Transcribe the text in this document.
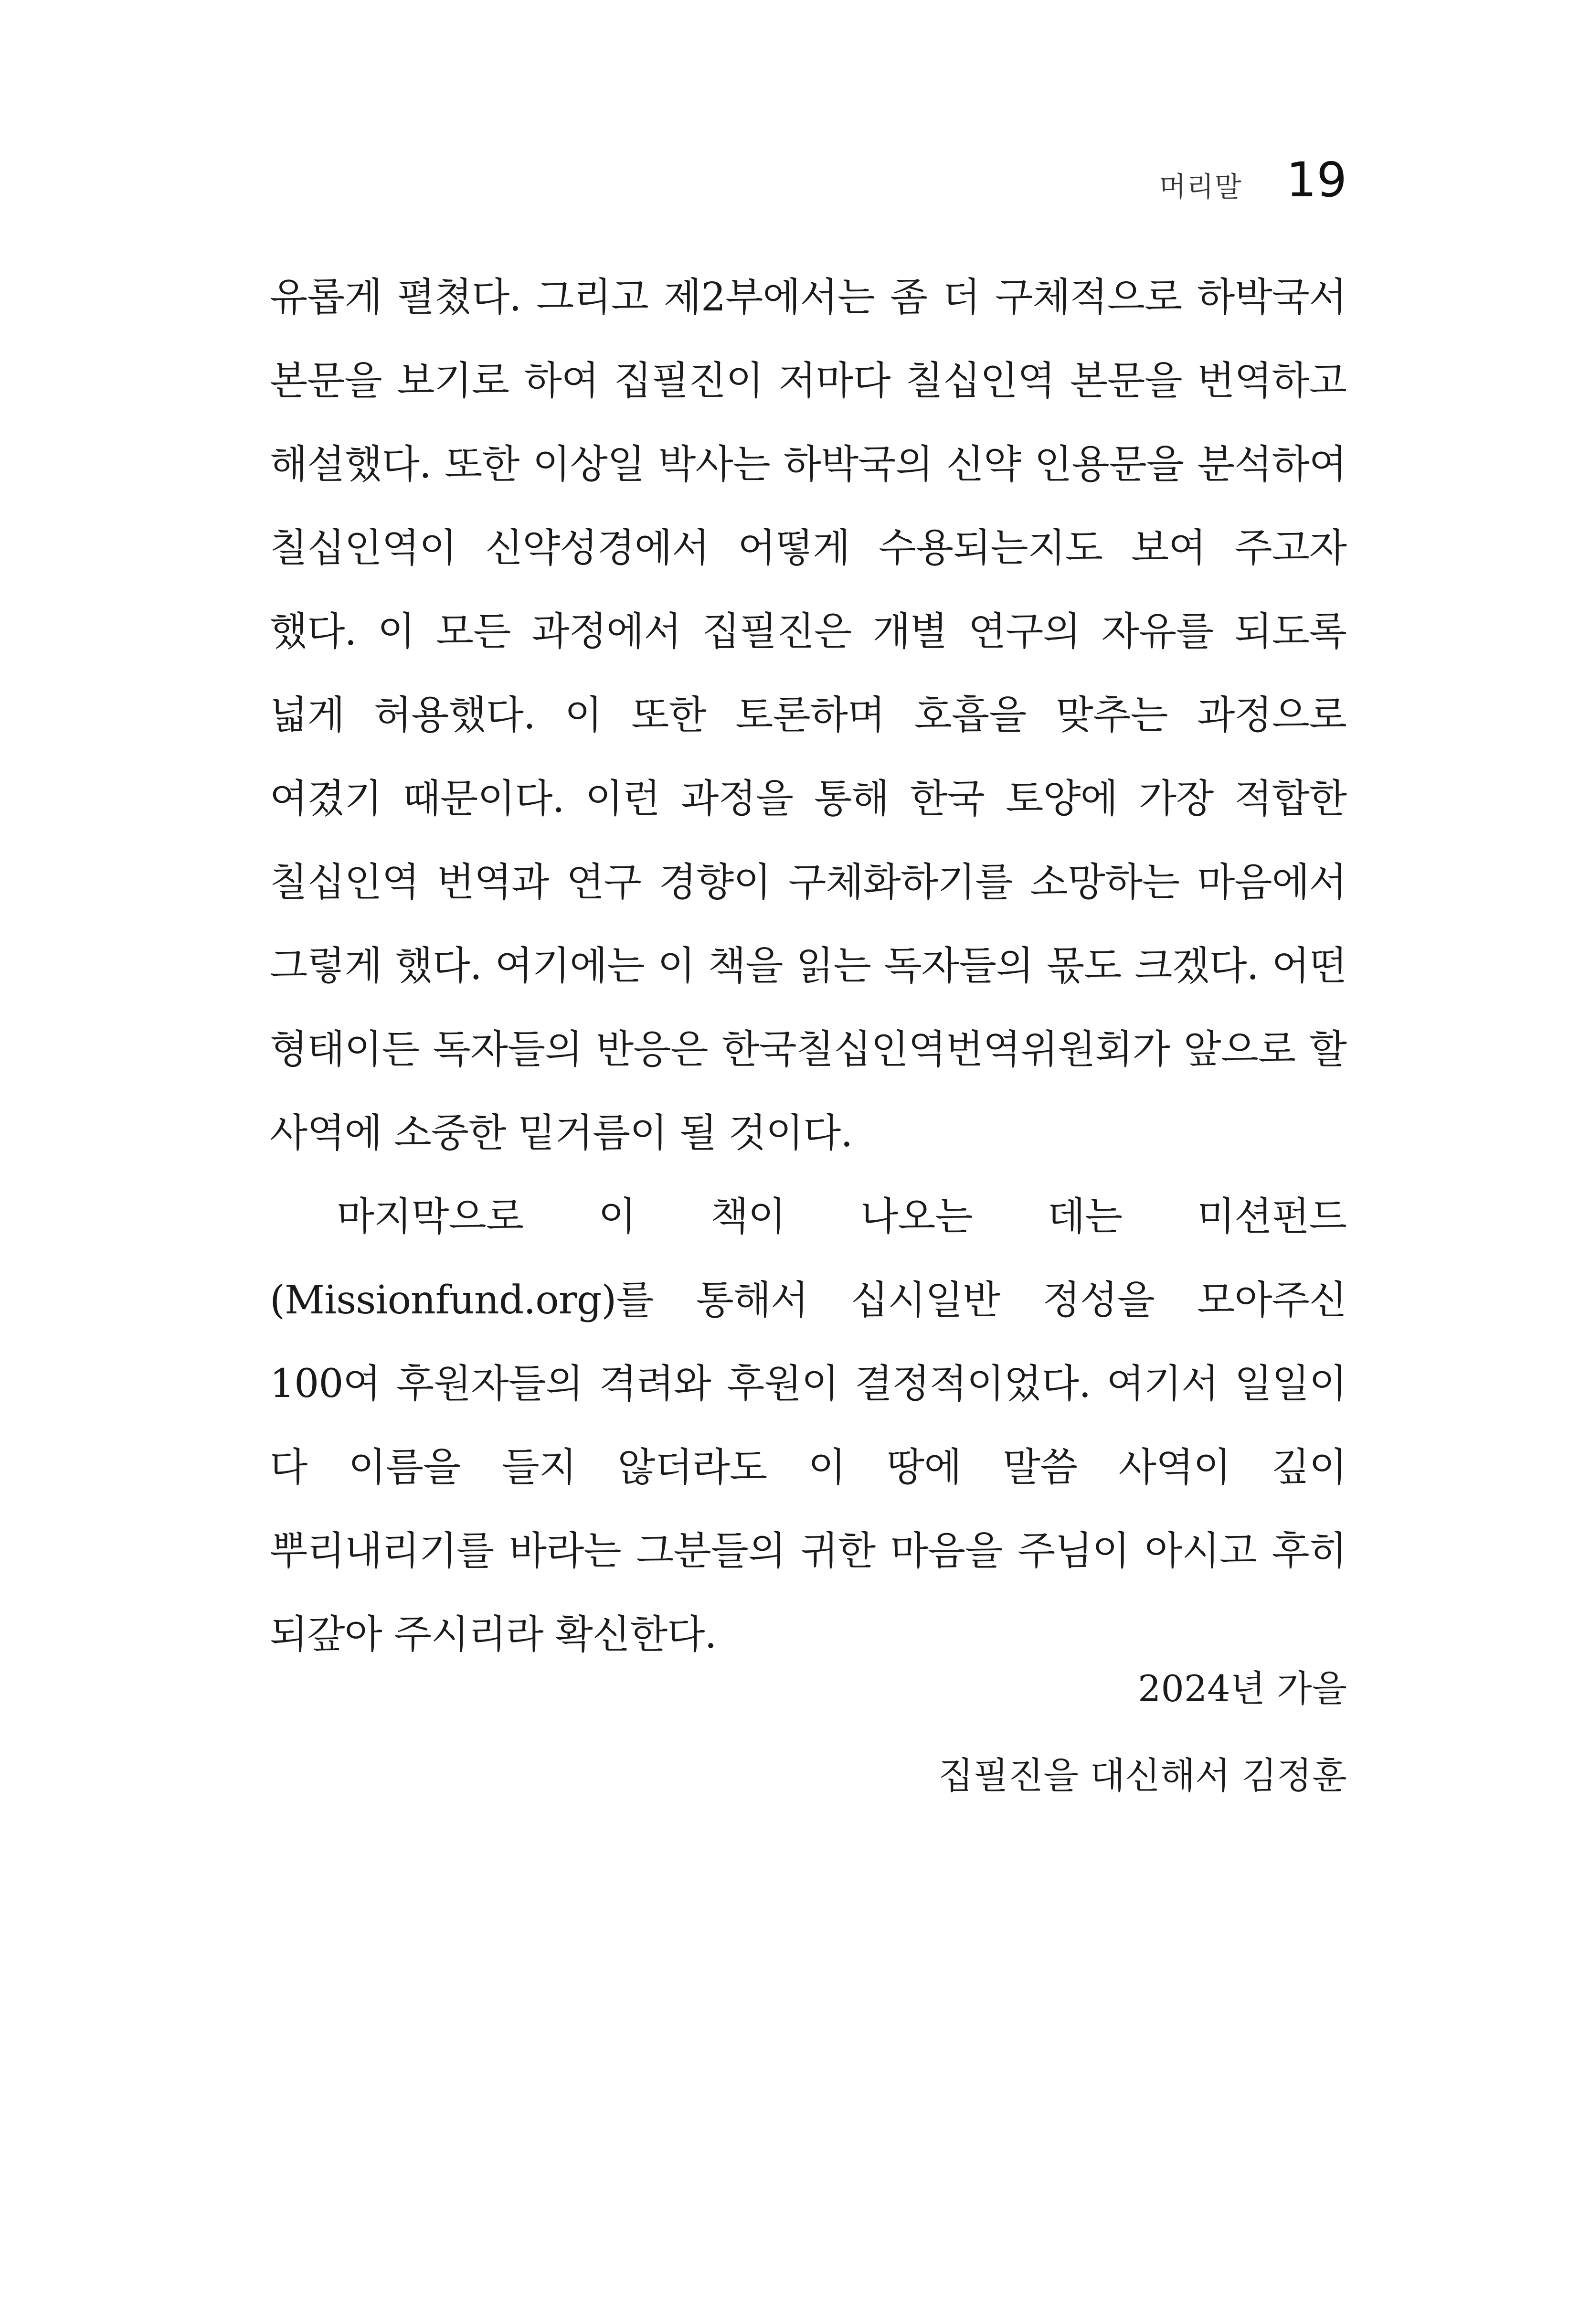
머리말 19

유롭게 펼쳤다. 그리고 제2부에서는 좀 더 구체적으로 하박국서 본문을 보기로 하여 집필진이 저마다 칠십인역 본문을 번역하고 해설했다. 또한 이상일 박사는 하박국의 신약 인용문을 분석하여 칠십인역이 신약성경에서 어떻게 수용되는지도 보여 주고자 했다. 이 모든 과정에서 집필진은 개별 연구의 자유를 되도록 넓게 허용했다. 이 또한 토론하며 호흡을 맞추는 과정으로 여겼기 때문이다. 이런 과정을 통해 한국 토양에 가장 적합한 칠십인역 번역과 연구 경향이 구체화하기를 소망하는 마음에서 그렇게 했다. 여기에는 이 책을 읽는 독자들의 몫도 크겠다. 어떤 형태이든 독자들의 반응은 한국칠십인역번역위원회가 앞으로 할 사역에 소중한 밑거름이 될 것이다.

마지막으로 이 책이 나오는 데는 미션펀드(Missionfund.org)를 통해서 십시일반 정성을 모아주신 100여 후원자들의 격려와 후원이 결정적이었다. 여기서 일일이 다 이름을 들지 않더라도 이 땅에 말씀 사역이 깊이 뿌리내리기를 바라는 그분들의 귀한 마음을 주님이 아시고 후히 되갚아 주시리라 확신한다.

2024년 가을
집필진을 대신해서 김정훈
